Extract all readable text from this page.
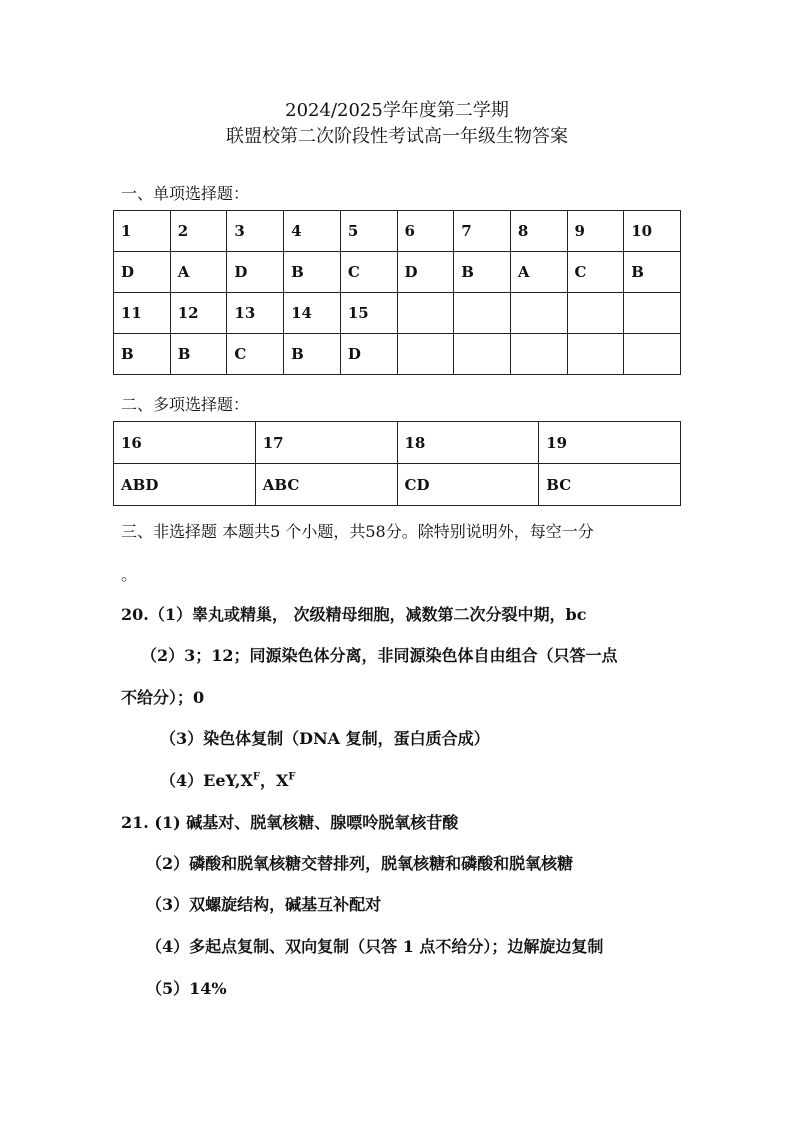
2024/2025学年度第二学期
联盟校第二次阶段性考试高一年级生物答案
一、单项选择题：
1	2	3	4	5	6	7	8	9	10
D	A	D	B	C	D	B	A	C	B
11	12	13	14	15					
B	B	C	B	D					
二、多项选择题：
16	17	18	19
ABD	ABC	CD	BC
三、非选择题 本题共5 个小题，共58分。除特别说明外，每空一分
。
20.（1）睾丸或精巢， 次级精母细胞，减数第二次分裂中期，bc
（2）3；12；同源染色体分离，非同源染色体自由组合（只答一点
不给分）；0
（3）染色体复制（DNA 复制，蛋白质合成）
$(4)EeY,X^F$，$X^F$
21. (1) 碱基对、脱氧核糖、腺嘌呤脱氧核苷酸
（2）磷酸和脱氧核糖交替排列，脱氧核糖和磷酸和脱氧核糖
（3）双螺旋结构，碱基互补配对
（4）多起点复制、双向复制（只答 1 点不给分）；边解旋边复制
（5）14%
